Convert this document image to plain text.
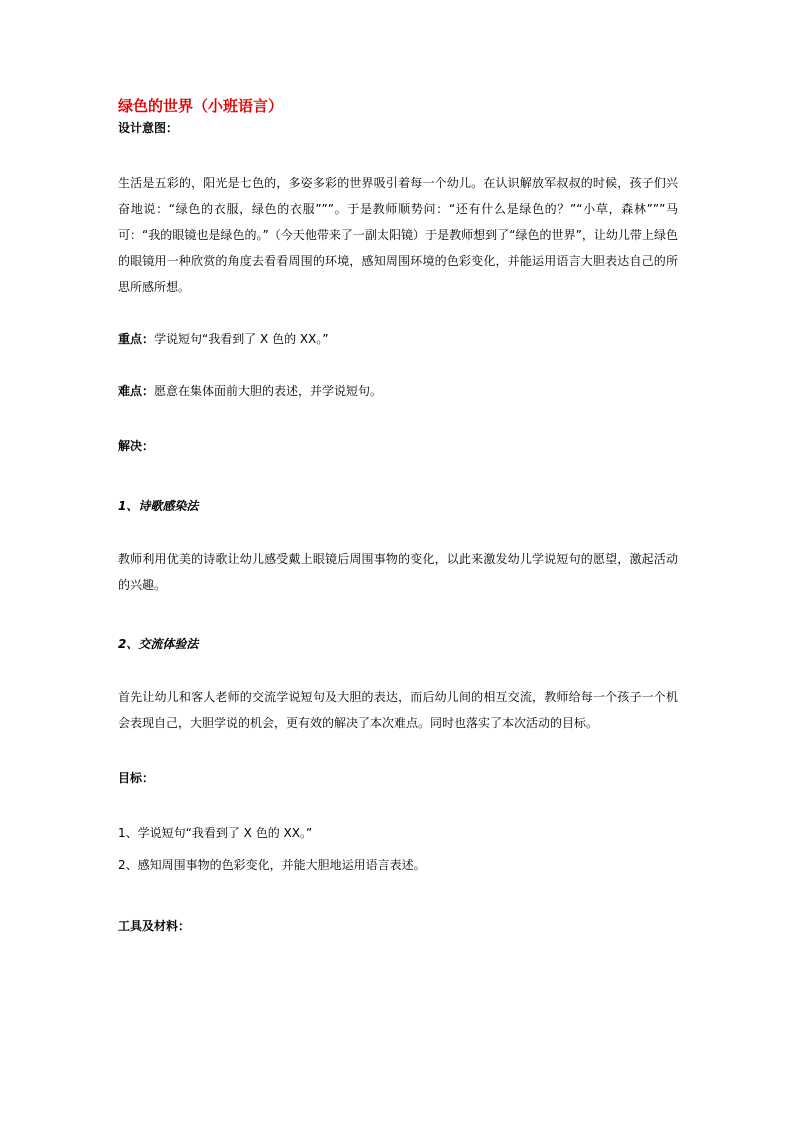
绿色的世界（小班语言）

设计意图：

生活是五彩的，阳光是七色的，多姿多彩的世界吸引着每一个幼儿。在认识解放军叔叔的时候，孩子们兴奋地说：“绿色的衣服，绿色的衣服”””。于是教师顺势问：“还有什么是绿色的？”“小草，森林”””马可：“我的眼镜也是绿色的。”（今天他带来了一副太阳镜）于是教师想到了“绿色的世界”，让幼儿带上绿色的眼镜用一种欣赏的角度去看看周围的环境，感知周围环境的色彩变化，并能运用语言大胆表达自己的所思所感所想。

重点：学说短句“我看到了 X 色的 XX。”

难点：愿意在集体面前大胆的表述，并学说短句。

解决：

1、诗歌感染法

教师利用优美的诗歌让幼儿感受戴上眼镜后周围事物的变化，以此来激发幼儿学说短句的愿望，激起活动的兴趣。

2、交流体验法

首先让幼儿和客人老师的交流学说短句及大胆的表达，而后幼儿间的相互交流，教师给每一个孩子一个机会表现自己，大胆学说的机会，更有效的解决了本次难点。同时也落实了本次活动的目标。

目标：

1、学说短句“我看到了 X 色的 XX。”

2、感知周围事物的色彩变化，并能大胆地运用语言表述。

工具及材料：
